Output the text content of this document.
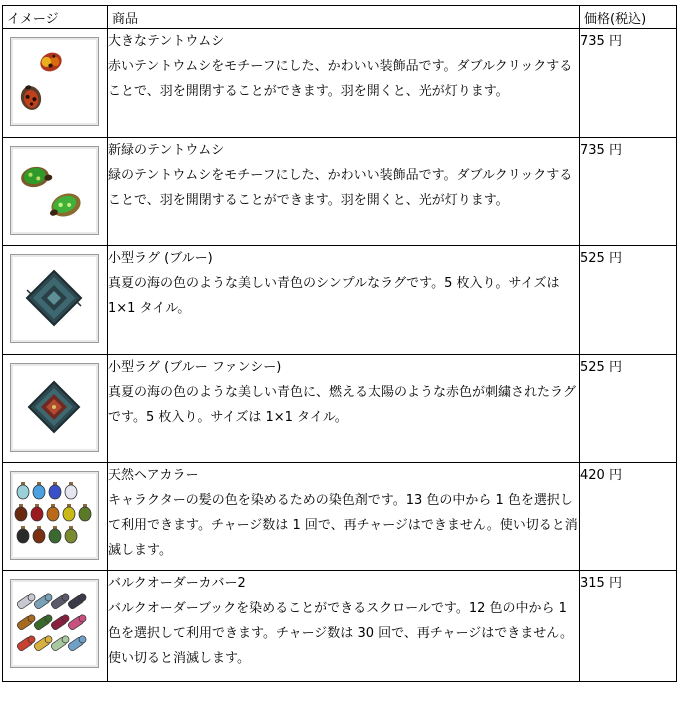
イメージ	商品	価格(税込)

大きなテントウムシ
赤いテントウムシをモチーフにした、かわいい装飾品です。ダブルクリックすることで、羽を開閉することができます。羽を開くと、光が灯ります。	735 円

新緑のテントウムシ
緑のテントウムシをモチーフにした、かわいい装飾品です。ダブルクリックすることで、羽を開閉することができます。羽を開くと、光が灯ります。	735 円

小型ラグ (ブルー)
真夏の海の色のような美しい青色のシンプルなラグです。5 枚入り。サイズは 1×1 タイル。	525 円

小型ラグ (ブルー ファンシー)
真夏の海の色のような美しい青色に、燃える太陽のような赤色が刺繍されたラグです。5 枚入り。サイズは 1×1 タイル。	525 円

天然ヘアカラー
キャラクターの髪の色を染めるための染色剤です。13 色の中から 1 色を選択して利用できます。チャージ数は 1 回で、再チャージはできません。使い切ると消滅します。	420 円

バルクオーダーカバー2
バルクオーダーブックを染めることができるスクロールです。12 色の中から 1 色を選択して利用できます。チャージ数は 30 回で、再チャージはできません。使い切ると消滅します。	315 円
